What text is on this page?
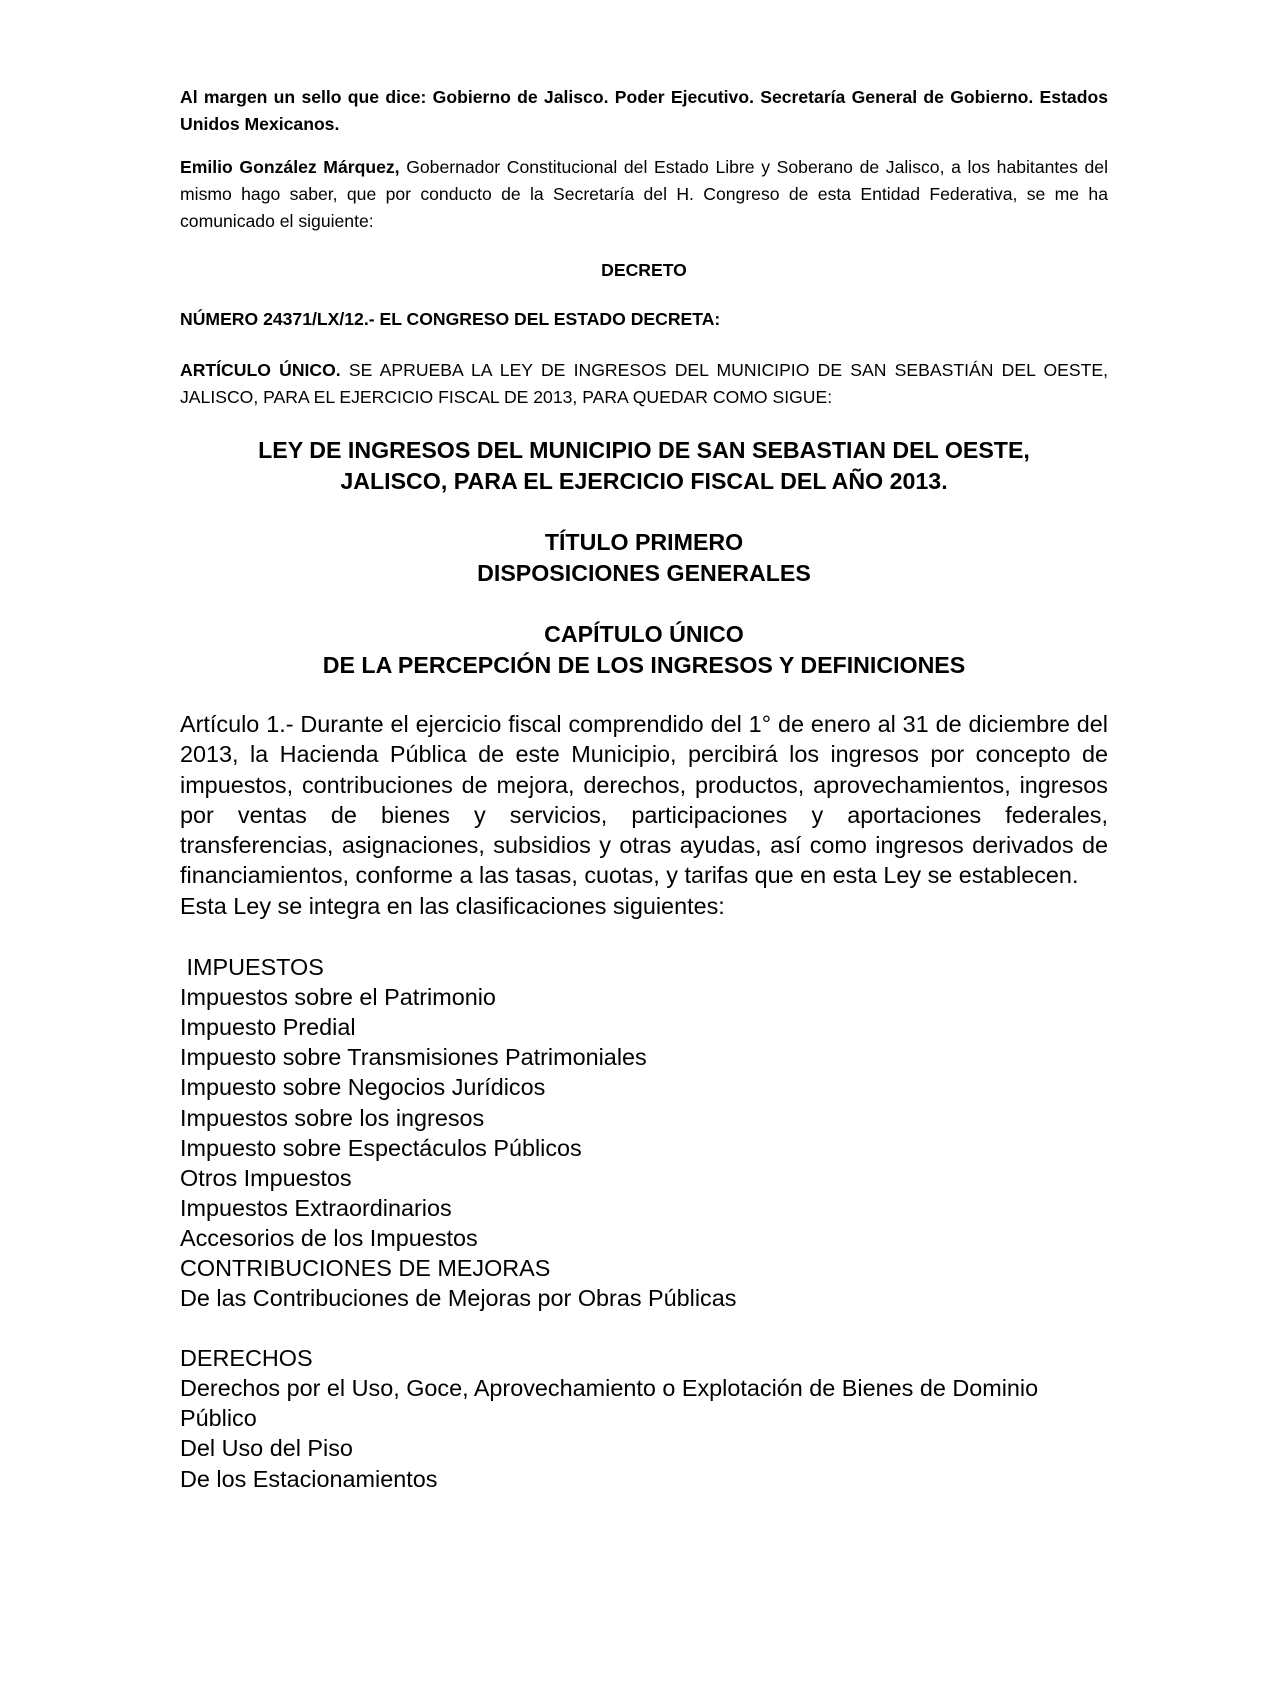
Al margen un sello que dice: Gobierno de Jalisco. Poder Ejecutivo. Secretaría General de Gobierno. Estados Unidos Mexicanos.

Emilio González Márquez, Gobernador Constitucional del Estado Libre y Soberano de Jalisco, a los habitantes del mismo hago saber, que por conducto de la Secretaría del H. Congreso de esta Entidad Federativa, se me ha comunicado el siguiente:

DECRETO

NÚMERO 24371/LX/12.- EL CONGRESO DEL ESTADO DECRETA:

ARTÍCULO ÚNICO. SE APRUEBA LA LEY DE INGRESOS DEL MUNICIPIO DE SAN SEBASTIÁN DEL OESTE, JALISCO, PARA EL EJERCICIO FISCAL DE 2013, PARA QUEDAR COMO SIGUE:

LEY DE INGRESOS DEL MUNICIPIO DE SAN SEBASTIAN DEL OESTE,
JALISCO, PARA EL EJERCICIO FISCAL DEL AÑO 2013.
TÍTULO PRIMERO
DISPOSICIONES GENERALES
CAPÍTULO ÚNICO
DE LA PERCEPCIÓN DE LOS INGRESOS Y DEFINICIONES

Artículo 1.- Durante el ejercicio fiscal comprendido del 1° de enero al 31 de diciembre del 2013, la Hacienda Pública de este Municipio, percibirá los ingresos por concepto de impuestos, contribuciones de mejora, derechos, productos, aprovechamientos, ingresos por ventas de bienes y servicios, participaciones y aportaciones federales, transferencias, asignaciones, subsidios y otras ayudas, así como ingresos derivados de financiamientos, conforme a las tasas, cuotas, y tarifas que en esta Ley se establecen.

Esta Ley se integra en las clasificaciones siguientes:

IMPUESTOS
Impuestos sobre el Patrimonio
Impuesto Predial
Impuesto sobre Transmisiones Patrimoniales
Impuesto sobre Negocios Jurídicos
Impuestos sobre los ingresos
Impuesto sobre Espectáculos Públicos
Otros Impuestos
Impuestos Extraordinarios
Accesorios de los Impuestos
CONTRIBUCIONES DE MEJORAS
De las Contribuciones de Mejoras por Obras Públicas
DERECHOS
Derechos por el Uso, Goce, Aprovechamiento o Explotación de Bienes de Dominio Público
Del Uso del Piso
De los Estacionamientos
